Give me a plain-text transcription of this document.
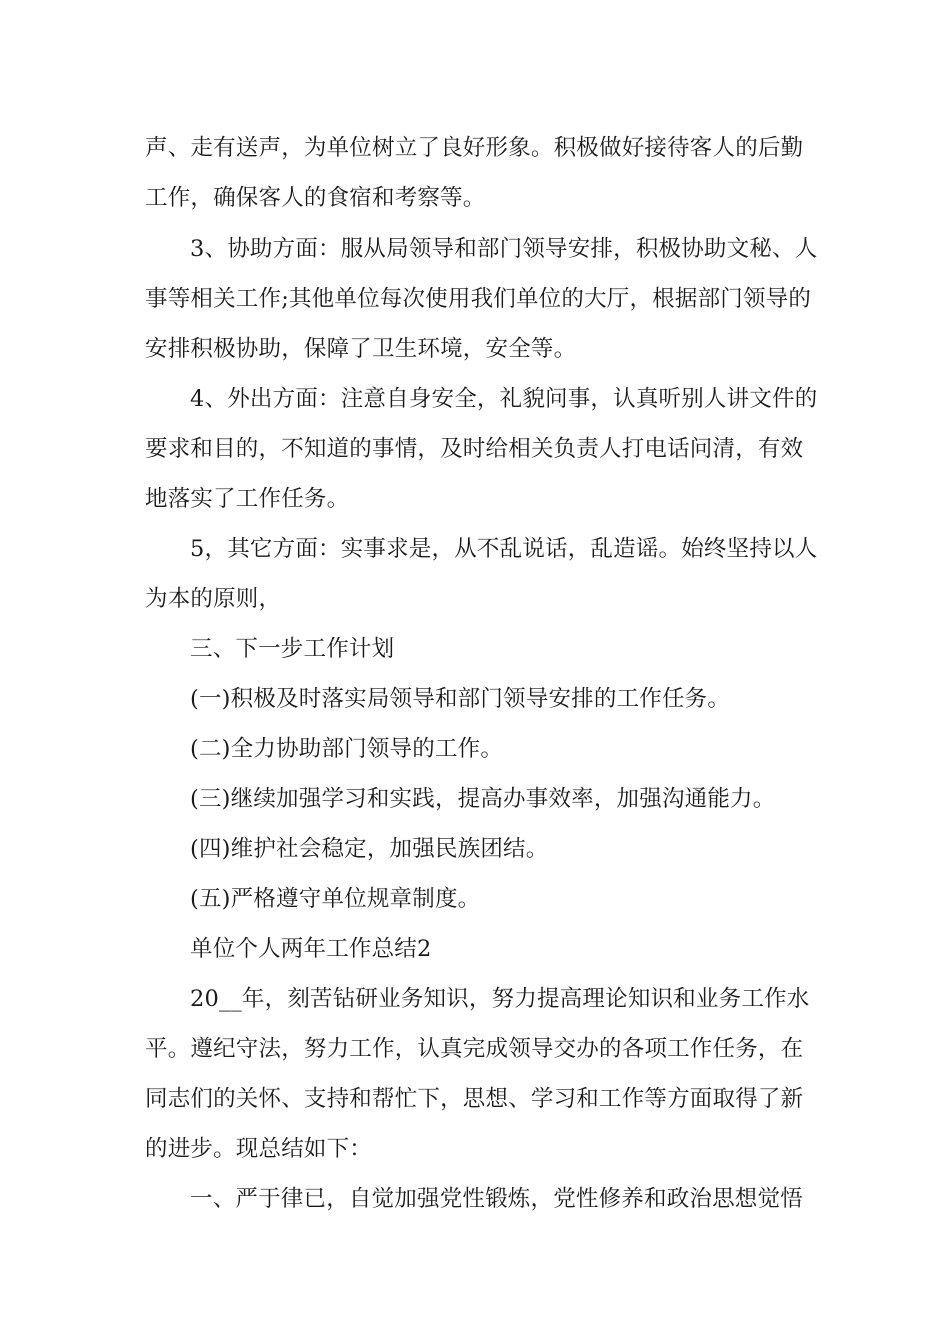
声、走有送声，为单位树立了良好形象。积极做好接待客人的后勤
工作，确保客人的食宿和考察等。
3、协助方面：服从局领导和部门领导安排，积极协助文秘、人
事等相关工作;其他单位每次使用我们单位的大厅，根据部门领导的
安排积极协助，保障了卫生环境，安全等。
4、外出方面：注意自身安全，礼貌问事，认真听别人讲文件的
要求和目的，不知道的事情，及时给相关负责人打电话问清，有效
地落实了工作任务。
5，其它方面：实事求是，从不乱说话，乱造谣。始终坚持以人
为本的原则，
三、下一步工作计划
(一)积极及时落实局领导和部门领导安排的工作任务。
(二)全力协助部门领导的工作。
(三)继续加强学习和实践，提高办事效率，加强沟通能力。
(四)维护社会稳定，加强民族团结。
(五)严格遵守单位规章制度。
单位个人两年工作总结2
20__年，刻苦钻研业务知识，努力提高理论知识和业务工作水
平。遵纪守法，努力工作，认真完成领导交办的各项工作任务，在
同志们的关怀、支持和帮忙下，思想、学习和工作等方面取得了新
的进步。现总结如下：
一、严于律已，自觉加强党性锻炼，党性修养和政治思想觉悟
